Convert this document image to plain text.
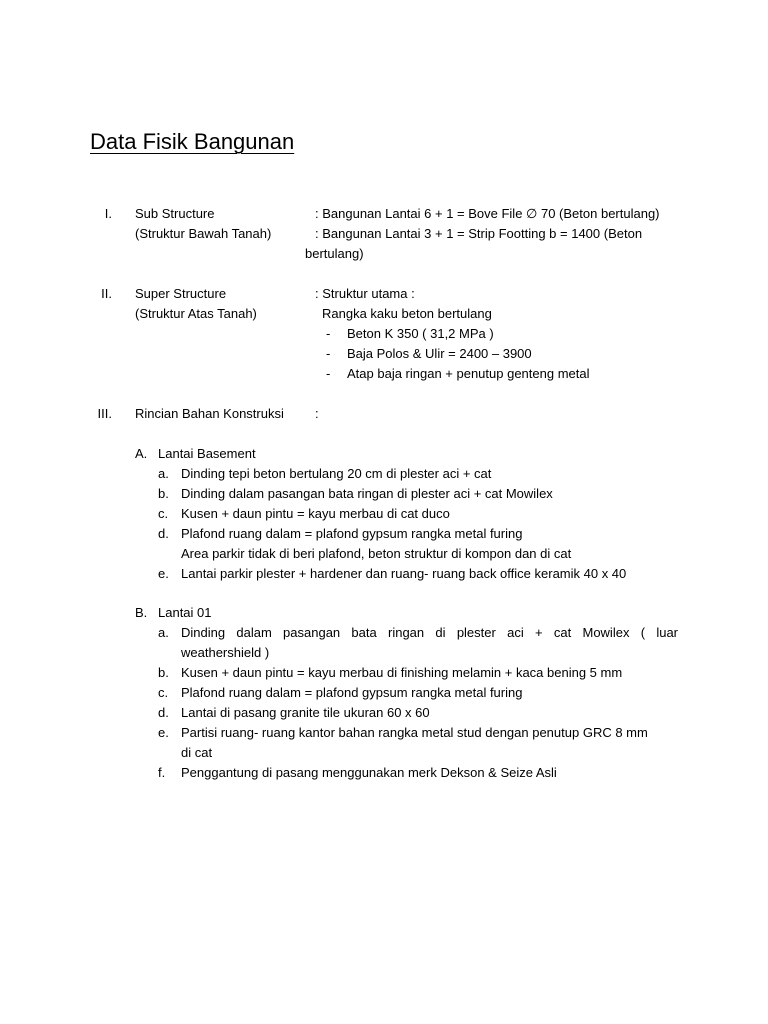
Data Fisik Bangunan
I. Sub Structure	: Bangunan Lantai 6 + 1 = Bove File ∅ 70 (Beton bertulang)
(Struktur Bawah Tanah)	: Bangunan Lantai 3 + 1 = Strip Footting b = 1400 (Beton
bertulang)
II. Super Structure	: Struktur utama :
(Struktur Atas Tanah)	Rangka kaku beton bertulang
- Beton K 350 ( 31,2 MPa )
- Baja Polos & Ulir = 2400 – 3900
- Atap baja ringan + penutup genteng metal
III. Rincian Bahan Konstruksi :
A. Lantai Basement
a. Dinding tepi beton bertulang 20 cm di plester aci + cat
b. Dinding dalam pasangan bata ringan di plester aci + cat Mowilex
c. Kusen + daun pintu = kayu merbau di cat duco
d. Plafond ruang dalam = plafond gypsum rangka metal furing
Area parkir tidak di beri plafond, beton struktur di kompon dan di cat
e. Lantai parkir plester + hardener dan ruang- ruang back office keramik 40 x 40
B. Lantai 01
a. Dinding dalam pasangan bata ringan di plester aci + cat Mowilex ( luar
weathershield )
b. Kusen + daun pintu = kayu merbau di finishing melamin + kaca bening 5 mm
c. Plafond ruang dalam = plafond gypsum rangka metal furing
d. Lantai di pasang granite tile ukuran 60 x 60
e. Partisi ruang- ruang kantor bahan rangka metal stud dengan penutup GRC 8 mm
di cat
f. Penggantung di pasang menggunakan merk Dekson & Seize Asli
